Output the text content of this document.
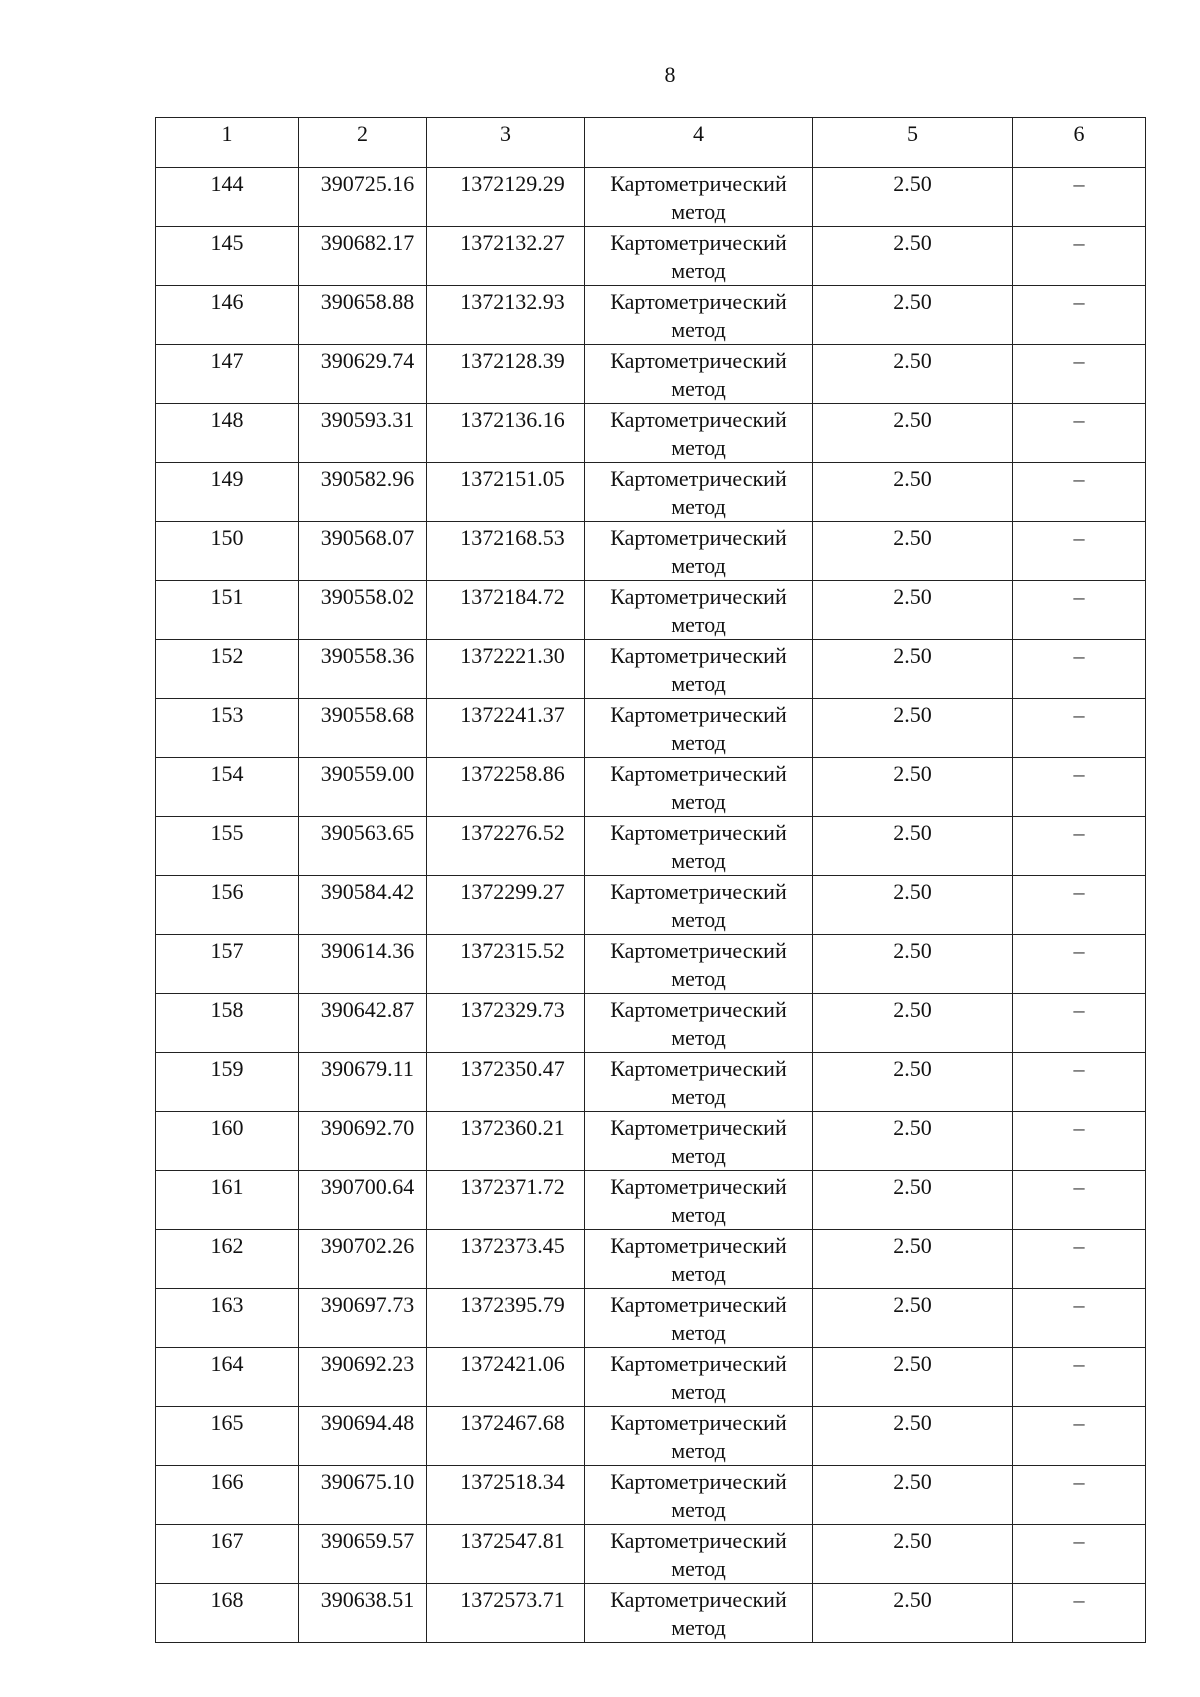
8
1	2	3	4	5	6
144	390725.16	1372129.29	Картометрический метод	2.50	–
145	390682.17	1372132.27	Картометрический метод	2.50	–
146	390658.88	1372132.93	Картометрический метод	2.50	–
147	390629.74	1372128.39	Картометрический метод	2.50	–
148	390593.31	1372136.16	Картометрический метод	2.50	–
149	390582.96	1372151.05	Картометрический метод	2.50	–
150	390568.07	1372168.53	Картометрический метод	2.50	–
151	390558.02	1372184.72	Картометрический метод	2.50	–
152	390558.36	1372221.30	Картометрический метод	2.50	–
153	390558.68	1372241.37	Картометрический метод	2.50	–
154	390559.00	1372258.86	Картометрический метод	2.50	–
155	390563.65	1372276.52	Картометрический метод	2.50	–
156	390584.42	1372299.27	Картометрический метод	2.50	–
157	390614.36	1372315.52	Картометрический метод	2.50	–
158	390642.87	1372329.73	Картометрический метод	2.50	–
159	390679.11	1372350.47	Картометрический метод	2.50	–
160	390692.70	1372360.21	Картометрический метод	2.50	–
161	390700.64	1372371.72	Картометрический метод	2.50	–
162	390702.26	1372373.45	Картометрический метод	2.50	–
163	390697.73	1372395.79	Картометрический метод	2.50	–
164	390692.23	1372421.06	Картометрический метод	2.50	–
165	390694.48	1372467.68	Картометрический метод	2.50	–
166	390675.10	1372518.34	Картометрический метод	2.50	–
167	390659.57	1372547.81	Картометрический метод	2.50	–
168	390638.51	1372573.71	Картометрический метод	2.50	–
